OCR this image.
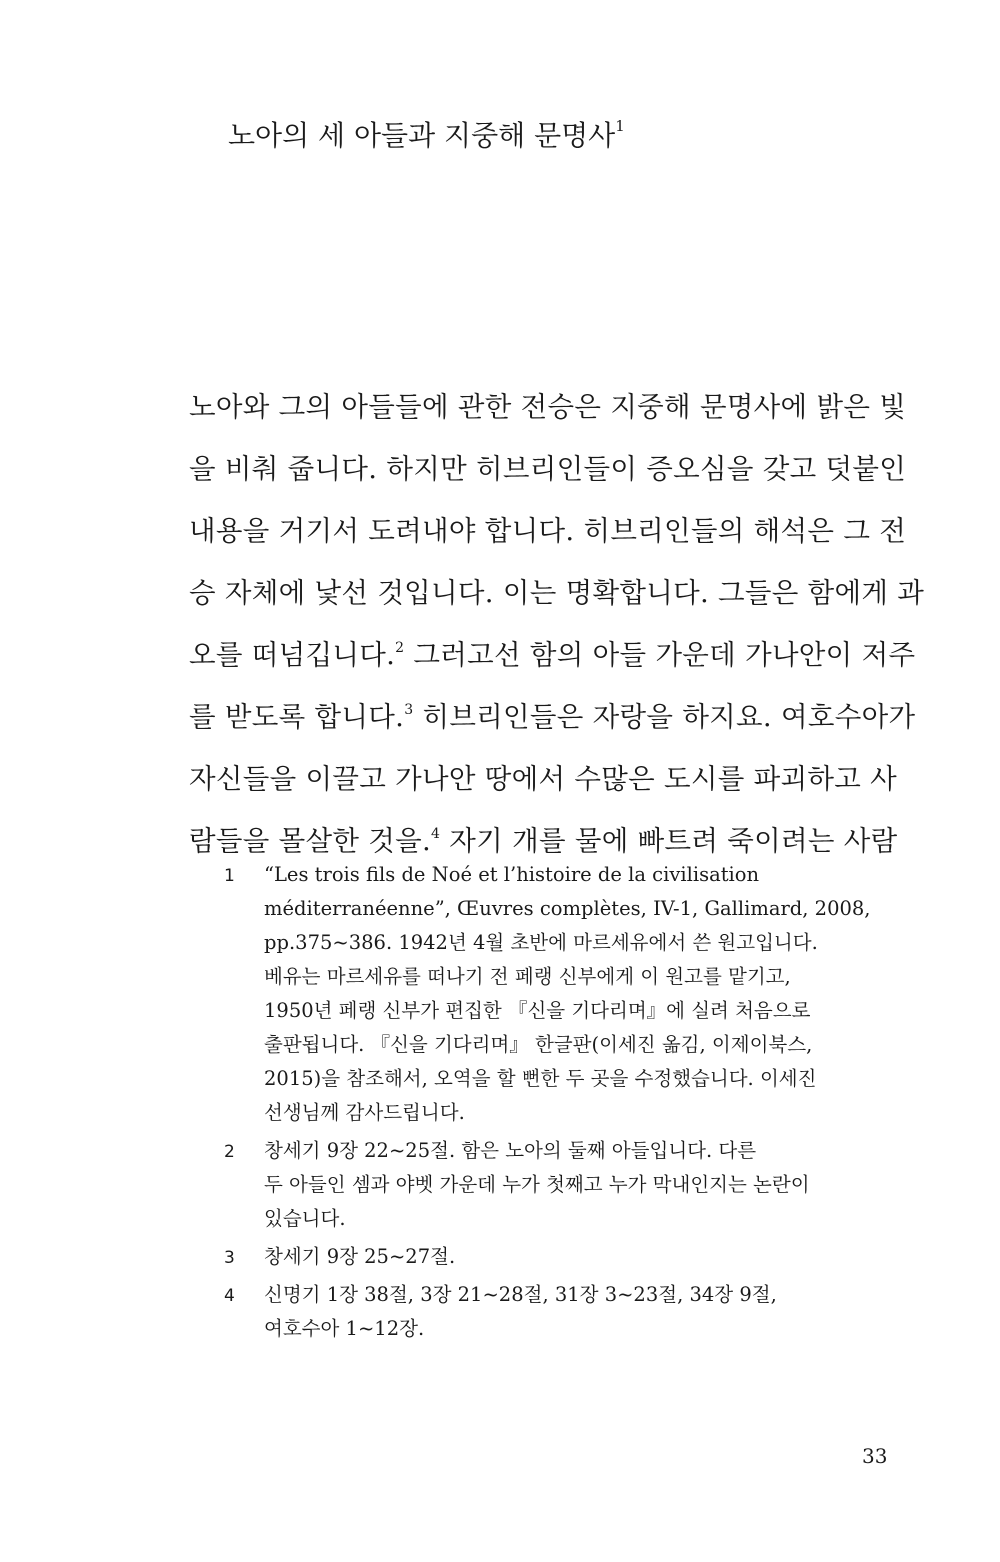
노아의 세 아들과 지중해 문명사$^1$
노아와 그의 아들들에 관한 전승은 지중해 문명사에 밝은 빛
을 비춰 줍니다. 하지만 히브리인들이 증오심을 갖고 덧붙인
내용을 거기서 도려내야 합니다. 히브리인들의 해석은 그 전
승 자체에 낯선 것입니다. 이는 명확합니다. 그들은 함에게 과
오를 떠넘깁니다.$^2$ 그러고선 함의 아들 가운데 가나안이 저주
를 받도록 합니다.$^3$ 히브리인들은 자랑을 하지요. 여호수아가
자신들을 이끌고 가나안 땅에서 수많은 도시를 파괴하고 사
람들을 몰살한 것을.$^4$ 자기 개를 물에 빠트려 죽이려는 사람
1 “Les trois fils de Noé et l’histoire de la civilisation
méditerranéenne”, Œuvres complètes, IV-1, Gallimard, 2008,
pp.375~386. 1942년 4월 초반에 마르세유에서 쓴 원고입니다.
베유는 마르세유를 떠나기 전 페랭 신부에게 이 원고를 맡기고,
1950년 페랭 신부가 편집한 『신을 기다리며』에 실려 처음으로
출판됩니다. 『신을 기다리며』 한글판(이세진 옮김, 이제이북스,
2015)을 참조해서, 오역을 할 뻔한 두 곳을 수정했습니다. 이세진
선생님께 감사드립니다.
2 창세기 9장 22~25절. 함은 노아의 둘째 아들입니다. 다른
두 아들인 셈과 야벳 가운데 누가 첫째고 누가 막내인지는 논란이
있습니다.
3 창세기 9장 25~27절.
4 신명기 1장 38절, 3장 21~28절, 31장 3~23절, 34장 9절,
여호수아 1~12장.
33
